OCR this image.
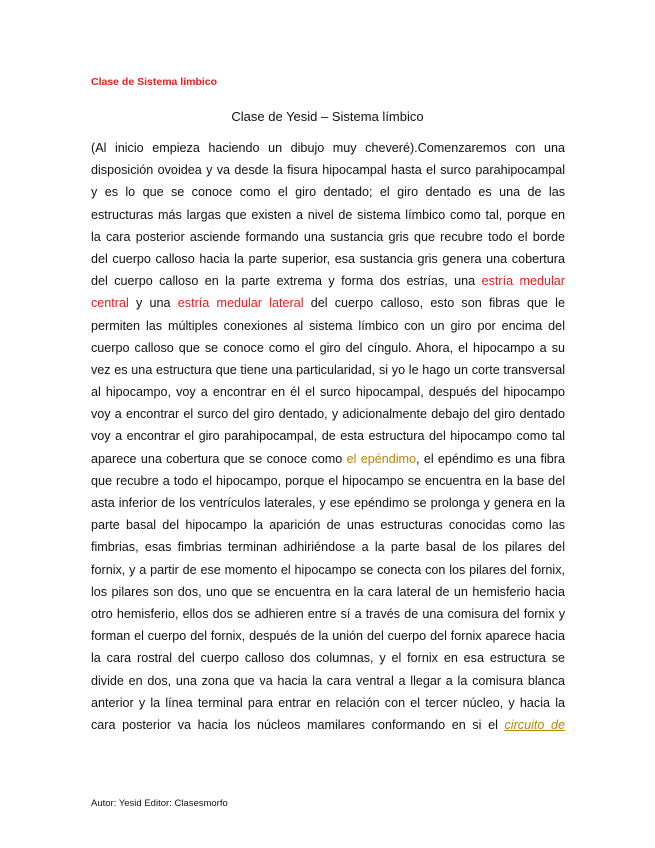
Clase de Sistema límbico
Clase de Yesid – Sistema límbico
(Al inicio empieza haciendo un dibujo muy cheveré).Comenzaremos con una
disposición ovoidea y va desde la fisura hipocampal hasta el surco parahipocampal
y es lo que se conoce como el giro dentado; el giro dentado es una de las
estructuras más largas que existen a nivel de sistema límbico como tal, porque en
la cara posterior asciende formando una sustancia gris que recubre todo el borde
del cuerpo calloso hacia la parte superior, esa sustancia gris genera una cobertura
del cuerpo calloso en la parte extrema y forma dos estrías, una estría medular
central y una estría medular lateral del cuerpo calloso, esto son fibras que le
permiten las múltiples conexiones al sistema límbico con un giro por encima del
cuerpo calloso que se conoce como el giro del cíngulo. Ahora, el hipocampo a su
vez es una estructura que tiene una particularidad, si yo le hago un corte transversal
al hipocampo, voy a encontrar en él el surco hipocampal, después del hipocampo
voy a encontrar el surco del giro dentado, y adicionalmente debajo del giro dentado
voy a encontrar el giro parahipocampal, de esta estructura del hipocampo como tal
aparece una cobertura que se conoce como el epéndimo, el epéndimo es una fibra
que recubre a todo el hipocampo, porque el hipocampo se encuentra en la base del
asta inferior de los ventrículos laterales, y ese epéndimo se prolonga y genera en la
parte basal del hipocampo la aparición de unas estructuras conocidas como las
fimbrias, esas fimbrias terminan adhiriéndose a la parte basal de los pilares del
fornix, y a partir de ese momento el hipocampo se conecta con los pilares del fornix,
los pilares son dos, uno que se encuentra en la cara lateral de un hemisferio hacia
otro hemisferio, ellos dos se adhieren entre sí a través de una comisura del fornix y
forman el cuerpo del fornix, después de la unión del cuerpo del fornix aparece hacia
la cara rostral del cuerpo calloso dos columnas, y el fornix en esa estructura se
divide en dos, una zona que va hacia la cara ventral a llegar a la comisura blanca
anterior y la línea terminal para entrar en relación con el tercer núcleo, y hacia la
cara posterior va hacia los núcleos mamilares conformando en si el circuito de
Autor: Yesid Editor: Clasesmorfo
